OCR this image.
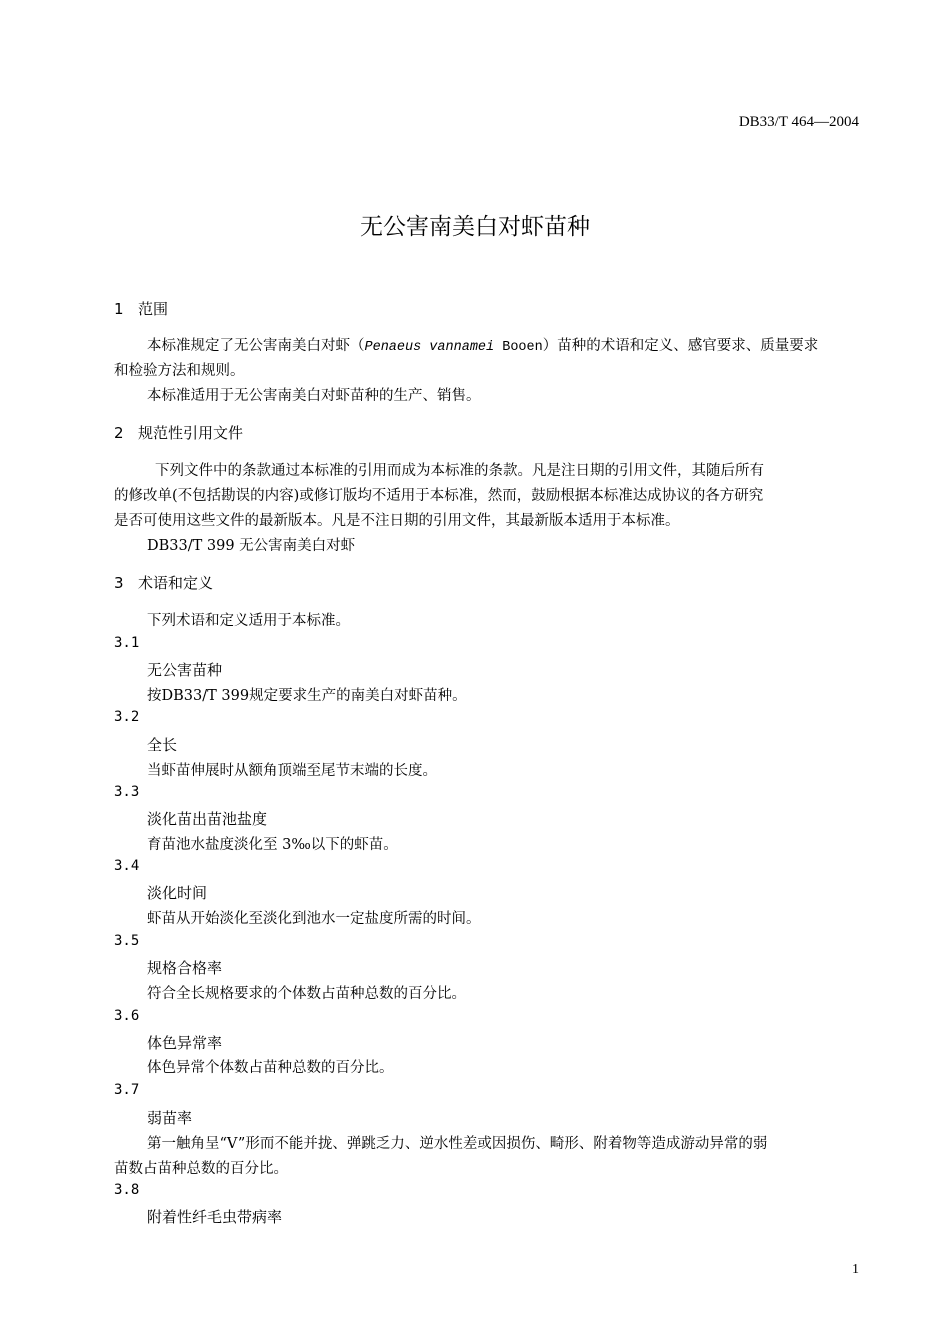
DB33/T 464—2004
无公害南美白对虾苗种
1 范围
本标准规定了无公害南美白对虾（Penaeus vannamei Booen）苗种的术语和定义、感官要求、质量要求
和检验方法和规则。
本标准适用于无公害南美白对虾苗种的生产、销售。
2 规范性引用文件
下列文件中的条款通过本标准的引用而成为本标准的条款。凡是注日期的引用文件，其随后所有
的修改单(不包括勘误的内容)或修订版均不适用于本标准，然而，鼓励根据本标准达成协议的各方研究
是否可使用这些文件的最新版本。凡是不注日期的引用文件，其最新版本适用于本标准。
DB33/T 399 无公害南美白对虾
3 术语和定义
下列术语和定义适用于本标准。
3.1
无公害苗种
按DB33/T 399规定要求生产的南美白对虾苗种。
3.2
全长
当虾苗伸展时从额角顶端至尾节末端的长度。
3.3
淡化苗出苗池盐度
育苗池水盐度淡化至 3‰以下的虾苗。
3.4
淡化时间
虾苗从开始淡化至淡化到池水一定盐度所需的时间。
3.5
规格合格率
符合全长规格要求的个体数占苗种总数的百分比。
3.6
体色异常率
体色异常个体数占苗种总数的百分比。
3.7
弱苗率
第一触角呈“V”形而不能并拢、弹跳乏力、逆水性差或因损伤、畸形、附着物等造成游动异常的弱
苗数占苗种总数的百分比。
3.8
附着性纤毛虫带病率
1
